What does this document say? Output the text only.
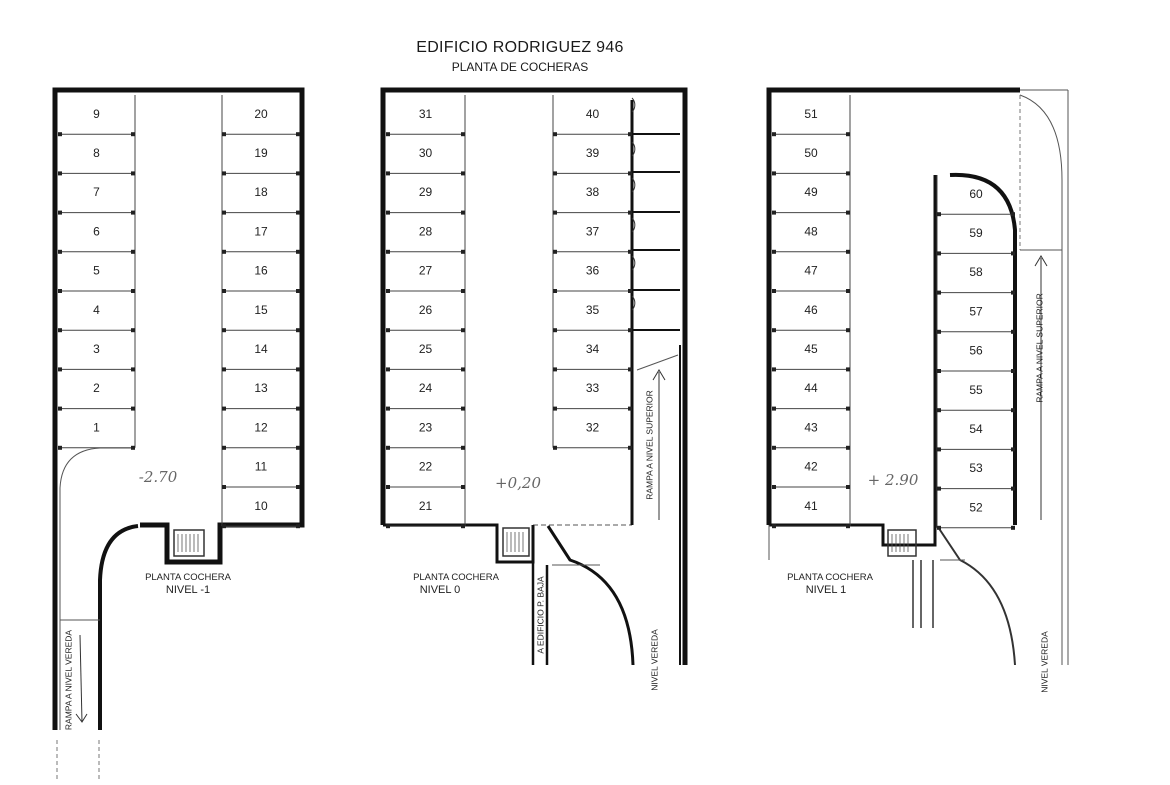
EDIFICIO RODRIGUEZ 946
PLANTA DE COCHERAS
9
8
7
6
5
4
3
2
1
20
19
18
17
16
15
14
13
12
11
10
-2.70
PLANTA COCHERA
NIVEL -1
RAMPA A NIVEL VEREDA
31
30
29
28
27
26
25
24
23
22
21
40
39
38
37
36
35
34
33
32
+0,20
PLANTA COCHERA
NIVEL 0
RAMPA A NIVEL SUPERIOR
A EDIFICIO P. BAJA
NIVEL VEREDA
51
50
49
48
47
46
45
44
43
42
41
60
59
58
57
56
55
54
53
52
+ 2.90
PLANTA COCHERA
NIVEL 1
RAMPA A NIVEL SUPERIOR
NIVEL VEREDA
